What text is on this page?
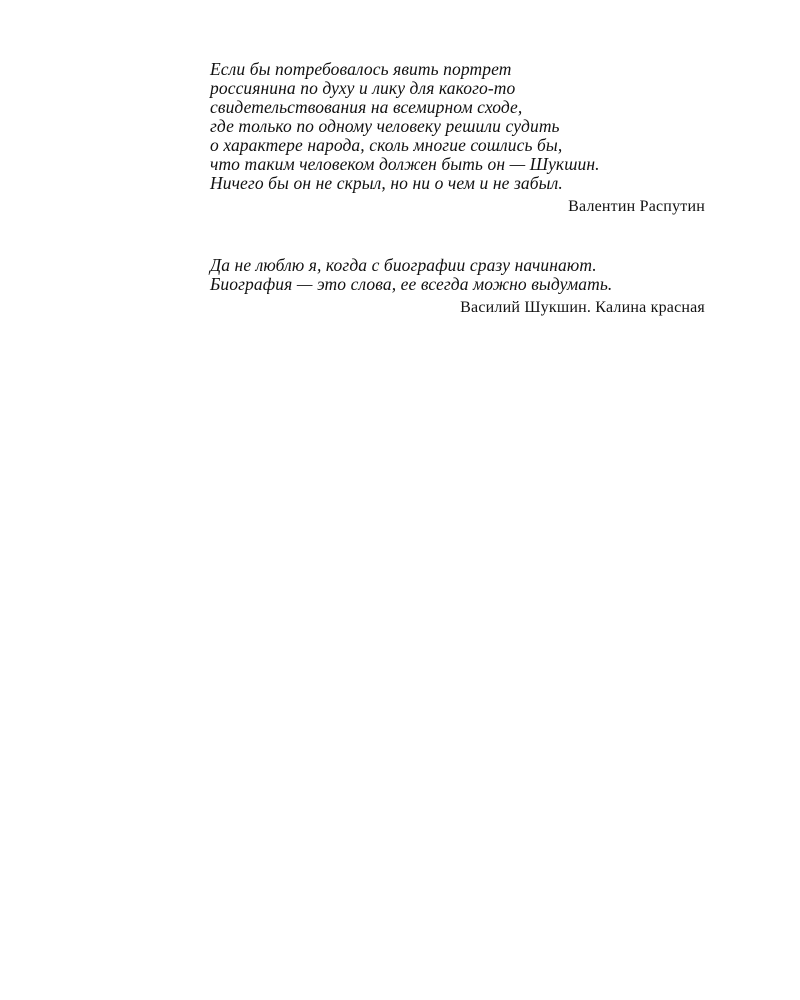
Если бы потребовалось явить портрет
россиянина по духу и лику для какого-то
свидетельствования на всемирном сходе,
где только по одному человеку решили судить
о характере народа, сколь многие сошлись бы,
что таким человеком должен быть он — Шукшин.
Ничего бы он не скрыл, но ни о чем и не забыл.
Валентин Распутин
Да не люблю я, когда с биографии сразу начинают.
Биография — это слова, ее всегда можно выдумать.
Василий Шукшин. Калина красная
